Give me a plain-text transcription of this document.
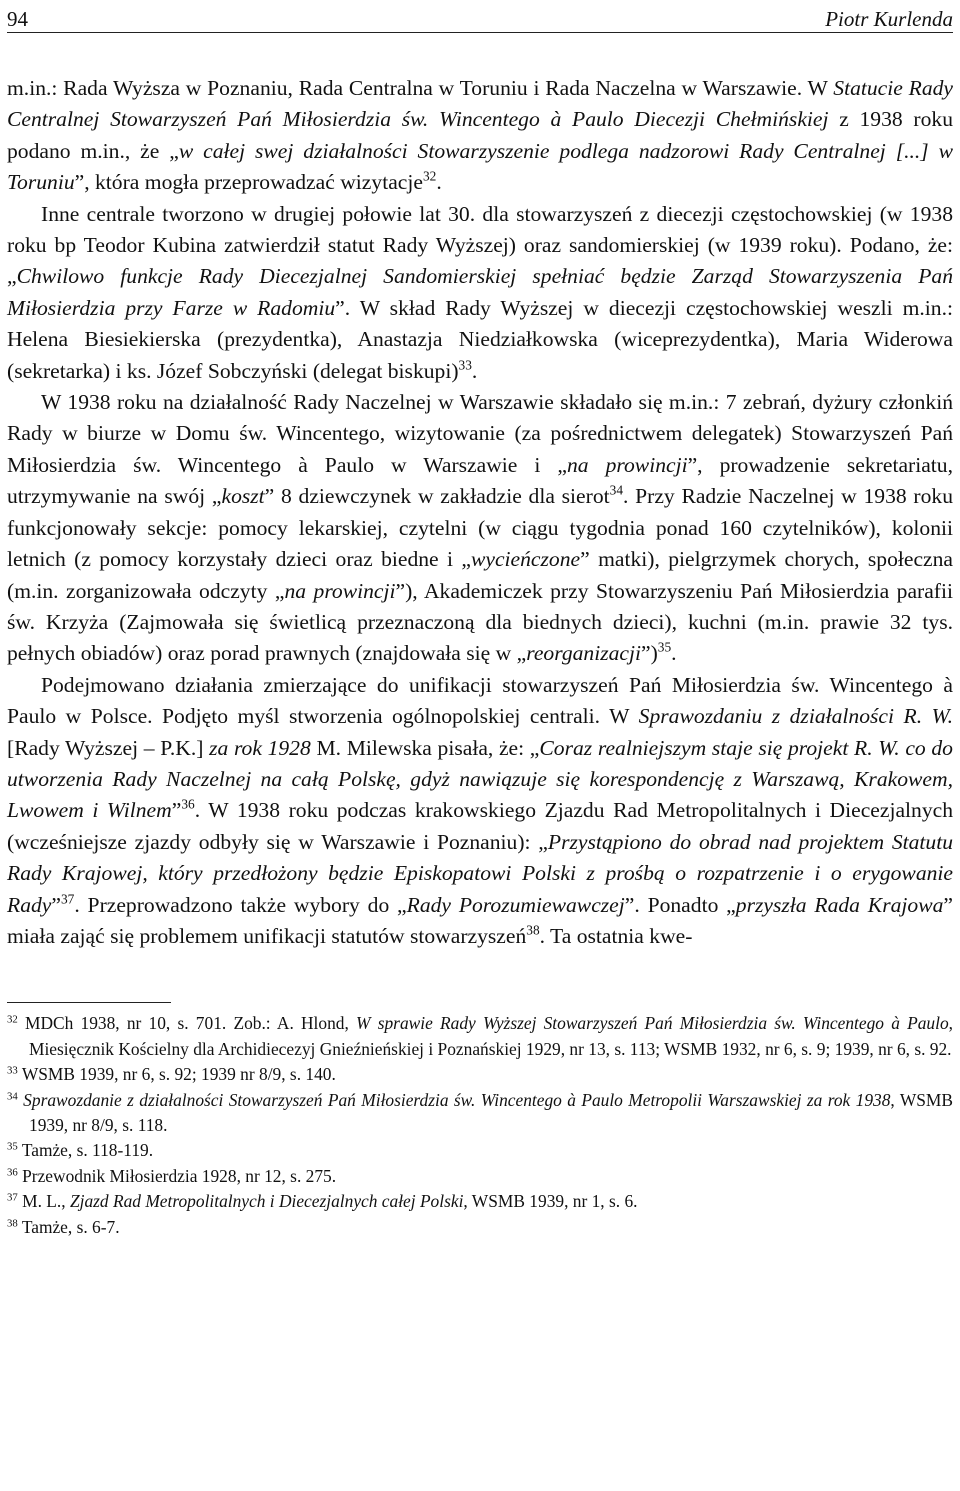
94	Piotr Kurlenda

m.in.: Rada Wyższa w Poznaniu, Rada Centralna w Toruniu i Rada Naczelna w Warszawie. W Statucie Rady Centralnej Stowarzyszeń Pań Miłosierdzia św. Wincentego à Paulo Diecezji Chełmińskiej z 1938 roku podano m.in., że „w całej swej działalności Stowarzyszenie podlega nadzorowi Rady Centralnej [...] w Toruniu”, która mogła przeprowadzać wizytacje$^{32}$.

Inne centrale tworzono w drugiej połowie lat 30. dla stowarzyszeń z diecezji częstochowskiej (w 1938 roku bp Teodor Kubina zatwierdził statut Rady Wyższej) oraz sandomierskiej (w 1939 roku). Podano, że: „Chwilowo funkcje Rady Diecezjalnej Sandomierskiej spełniać będzie Zarząd Stowarzyszenia Pań Miłosierdzia przy Farze w Radomiu”. W skład Rady Wyższej w diecezji częstochowskiej weszli m.in.: Helena Biesiekierska (prezydentka), Anastazja Niedziałkowska (wiceprezydentka), Maria Widerowa (sekretarka) i ks. Józef Sobczyński (delegat biskupi)$^{33}$.

W 1938 roku na działalność Rady Naczelnej w Warszawie składało się m.in.: 7 zebrań, dyżury członkiń Rady w biurze w Domu św. Wincentego, wizytowanie (za pośrednictwem delegatek) Stowarzyszeń Pań Miłosierdzia św. Wincentego à Paulo w Warszawie i „na prowincji”, prowadzenie sekretariatu, utrzymywanie na swój „koszt” 8 dziewczynek w zakładzie dla sierot$^{34}$. Przy Radzie Naczelnej w 1938 roku funkcjonowały sekcje: pomocy lekarskiej, czytelni (w ciągu tygodnia ponad 160 czytelników), kolonii letnich (z pomocy korzystały dzieci oraz biedne i „wycieńczone” matki), pielgrzymek chorych, społeczna (m.in. zorganizowała odczyty „na prowincji”), Akademiczek przy Stowarzyszeniu Pań Miłosierdzia parafii św. Krzyża (Zajmowała się świetlicą przeznaczoną dla biednych dzieci), kuchni (m.in. prawie 32 tys. pełnych obiadów) oraz porad prawnych (znajdowała się w „reorganizacji”)$^{35}$.

Podejmowano działania zmierzające do unifikacji stowarzyszeń Pań Miłosierdzia św. Wincentego à Paulo w Polsce. Podjęto myśl stworzenia ogólnopolskiej centrali. W Sprawozdaniu z działalności R. W. [Rady Wyższej – P.K.] za rok 1928 M. Milewska pisała, że: „Coraz realniejszym staje się projekt R. W. co do utworzenia Rady Naczelnej na całą Polskę, gdyż nawiązuje się korespondencję z Warszawą, Krakowem, Lwowem i Wilnem”$^{36}$. W 1938 roku podczas krakowskiego Zjazdu Rad Metropolitalnych i Diecezjalnych (wcześniejsze zjazdy odbyły się w Warszawie i Poznaniu): „Przystąpiono do obrad nad projektem Statutu Rady Krajowej, który przedłożony będzie Episkopatowi Polski z prośbą o rozpatrzenie i o erygowanie Rady”$^{37}$. Przeprowadzono także wybory do „Rady Porozumiewawczej”. Ponadto „przyszła Rada Krajowa” miała zająć się problemem unifikacji statutów stowarzyszeń$^{38}$. Ta ostatnia kwe-

$^{32}$ MDCh 1938, nr 10, s. 701. Zob.: A. Hlond, W sprawie Rady Wyższej Stowarzyszeń Pań Miłosierdzia św. Wincentego à Paulo, Miesięcznik Kościelny dla Archidiecezyj Gnieźnieńskiej i Poznańskiej 1929, nr 13, s. 113; WSMB 1932, nr 6, s. 9; 1939, nr 6, s. 92.

$^{33}$ WSMB 1939, nr 6, s. 92; 1939 nr 8/9, s. 140.

$^{34}$ Sprawozdanie z działalności Stowarzyszeń Pań Miłosierdzia św. Wincentego à Paulo Metropolii Warszawskiej za rok 1938, WSMB 1939, nr 8/9, s. 118.

$^{35}$ Tamże, s. 118-119.

$^{36}$ Przewodnik Miłosierdzia 1928, nr 12, s. 275.

$^{37}$ M. L., Zjazd Rad Metropolitalnych i Diecezjalnych całej Polski, WSMB 1939, nr 1, s. 6.

$^{38}$ Tamże, s. 6-7.
